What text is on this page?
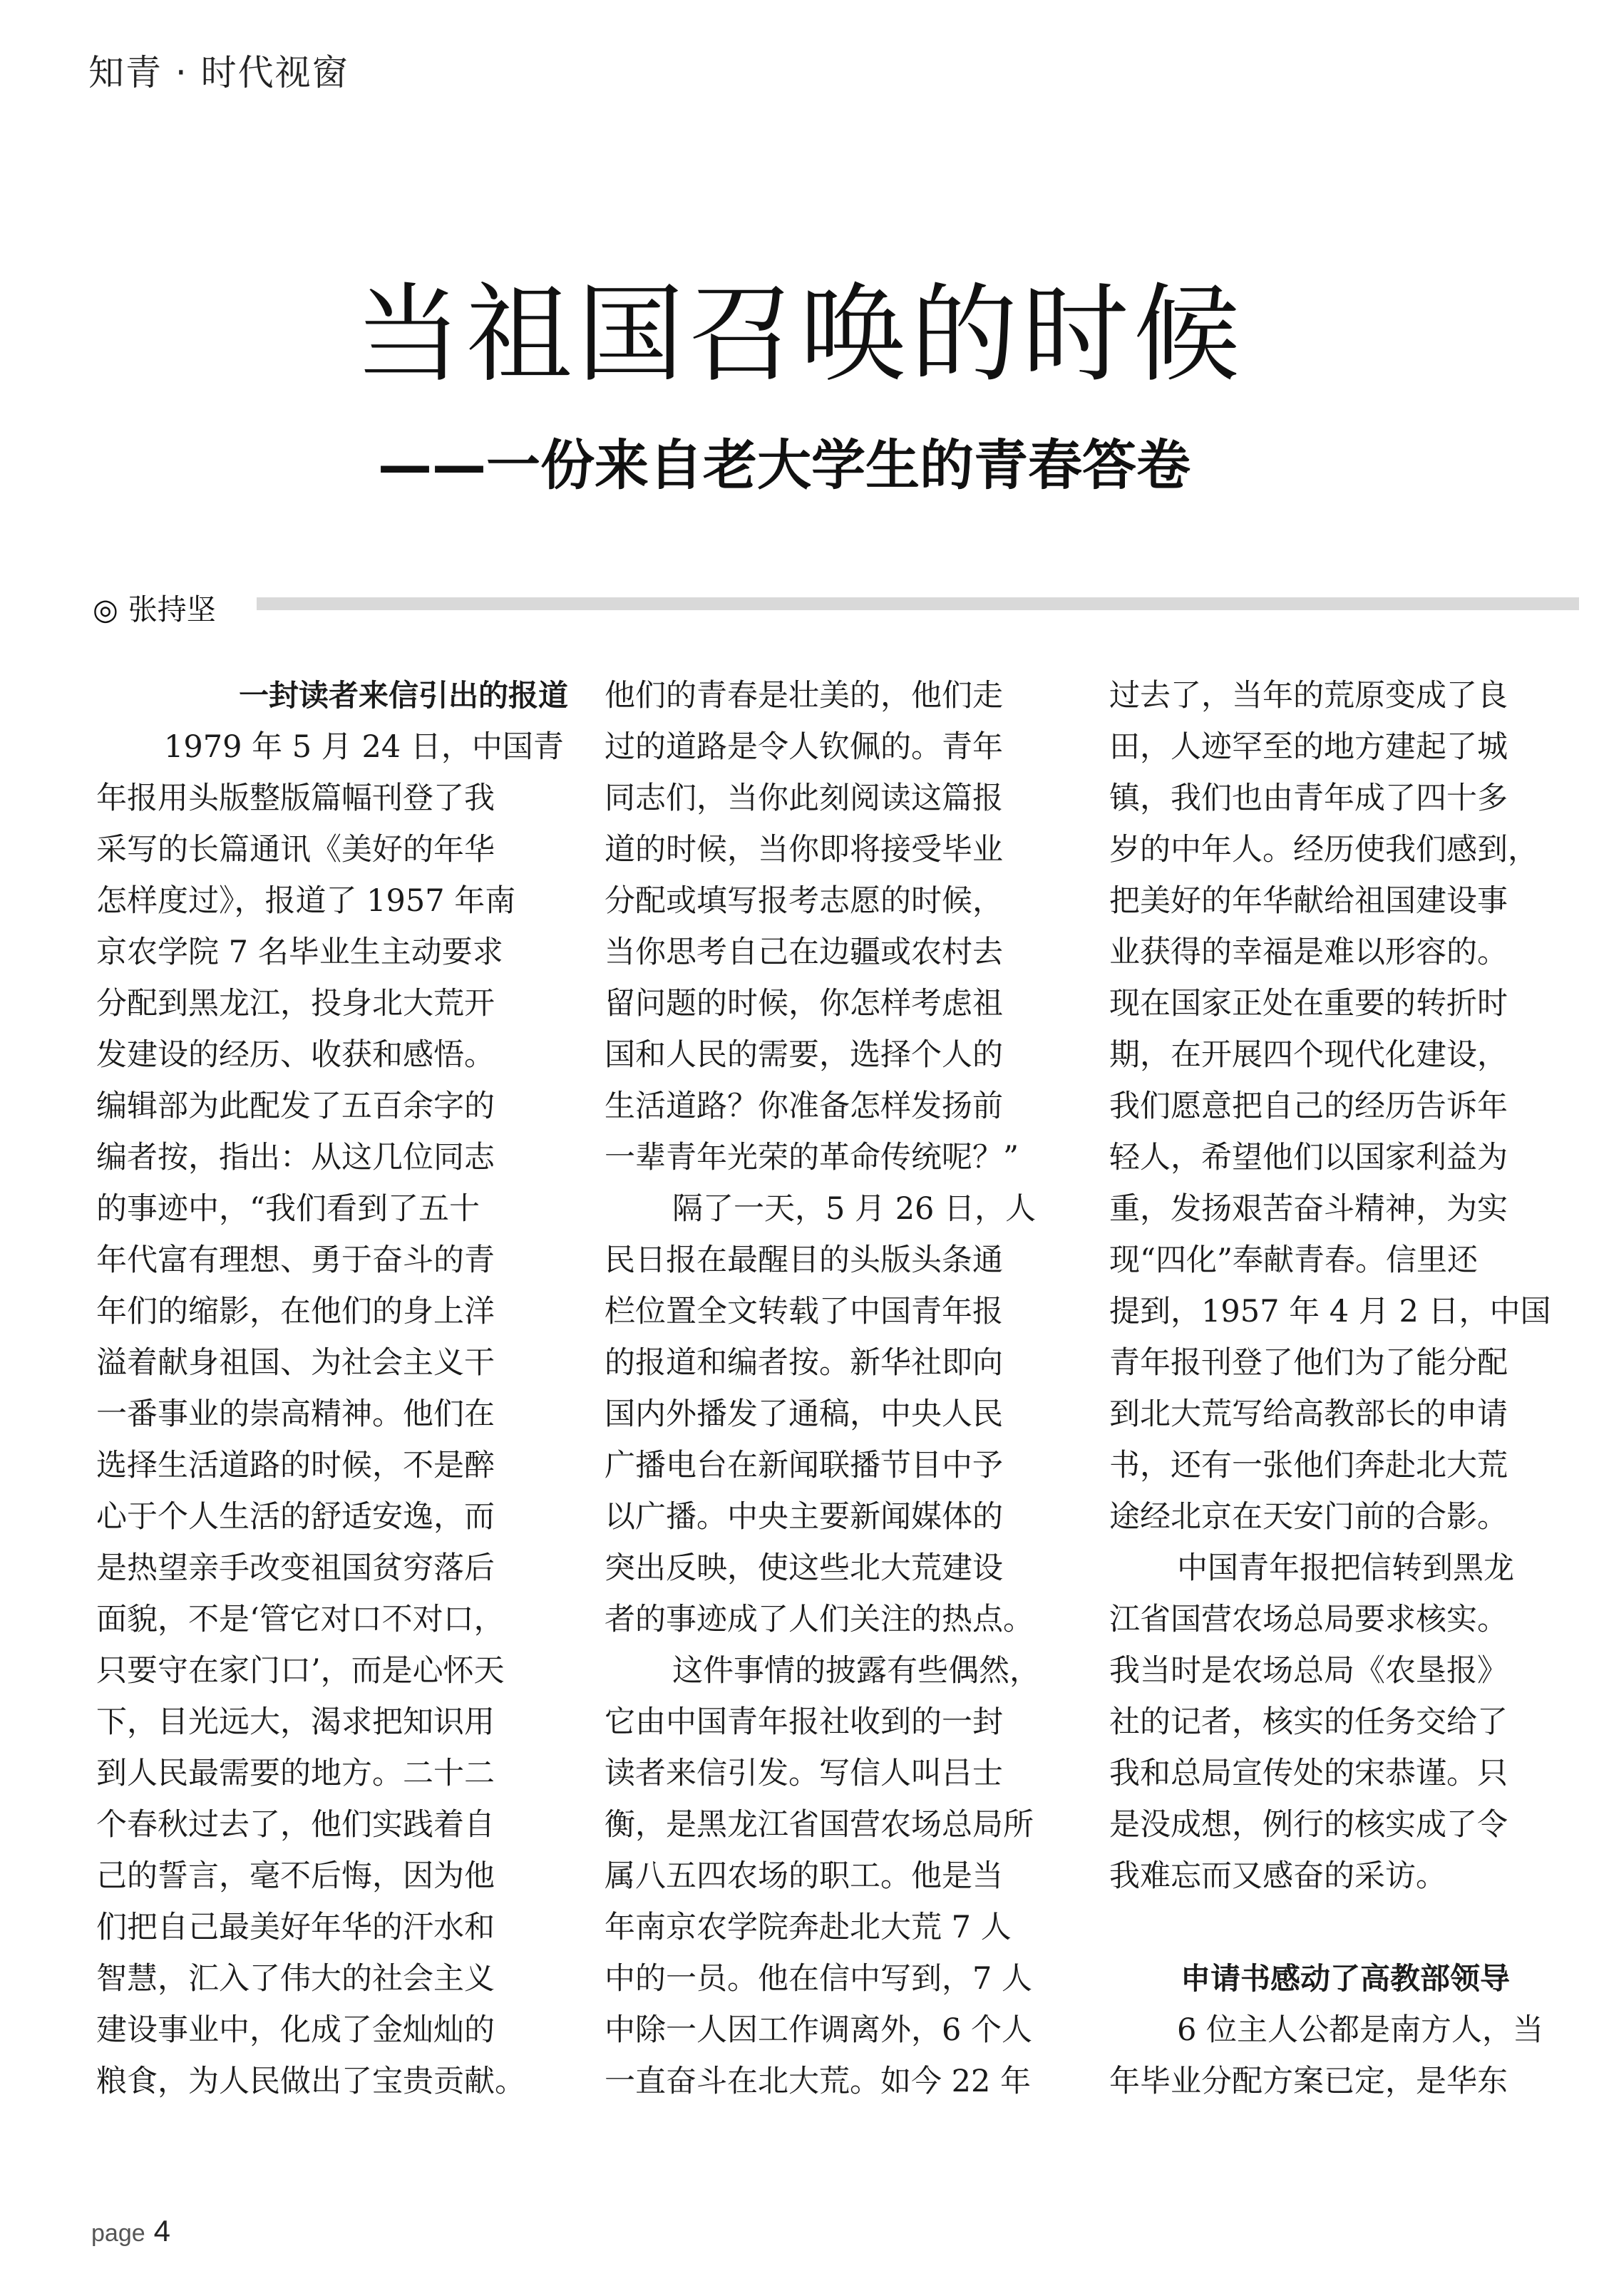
知青 · 时代视窗
当祖国召唤的时候
——一份来自老大学生的青春答卷
◎ 张持坚
一封读者来信引出的报道
1979 年 5 月 24 日，中国青
年报用头版整版篇幅刊登了我
采写的长篇通讯《美好的年华
怎样度过》，报道了 1957 年南
京农学院 7 名毕业生主动要求
分配到黑龙江，投身北大荒开
发建设的经历、收获和感悟。
编辑部为此配发了五百余字的
编者按，指出：从这几位同志
的事迹中，“我们看到了五十
年代富有理想、勇于奋斗的青
年们的缩影，在他们的身上洋
溢着献身祖国、为社会主义干
一番事业的崇高精神。他们在
选择生活道路的时候，不是醉
心于个人生活的舒适安逸，而
是热望亲手改变祖国贫穷落后
面貌，不是‘管它对口不对口，
只要守在家门口’，而是心怀天
下，目光远大，渴求把知识用
到人民最需要的地方。二十二
个春秋过去了，他们实践着自
己的誓言，毫不后悔，因为他
们把自己最美好年华的汗水和
智慧，汇入了伟大的社会主义
建设事业中，化成了金灿灿的
粮食，为人民做出了宝贵贡献。
他们的青春是壮美的，他们走
过的道路是令人钦佩的。青年
同志们，当你此刻阅读这篇报
道的时候，当你即将接受毕业
分配或填写报考志愿的时候，
当你思考自己在边疆或农村去
留问题的时候，你怎样考虑祖
国和人民的需要，选择个人的
生活道路？你准备怎样发扬前
一辈青年光荣的革命传统呢？”
隔了一天，5 月 26 日，人
民日报在最醒目的头版头条通
栏位置全文转载了中国青年报
的报道和编者按。新华社即向
国内外播发了通稿，中央人民
广播电台在新闻联播节目中予
以广播。中央主要新闻媒体的
突出反映，使这些北大荒建设
者的事迹成了人们关注的热点。
这件事情的披露有些偶然，
它由中国青年报社收到的一封
读者来信引发。写信人叫吕士
衡，是黑龙江省国营农场总局所
属八五四农场的职工。他是当
年南京农学院奔赴北大荒 7 人
中的一员。他在信中写到，7 人
中除一人因工作调离外，6 个人
一直奋斗在北大荒。如今 22 年
过去了，当年的荒原变成了良
田，人迹罕至的地方建起了城
镇，我们也由青年成了四十多
岁的中年人。经历使我们感到，
把美好的年华献给祖国建设事
业获得的幸福是难以形容的。
现在国家正处在重要的转折时
期，在开展四个现代化建设，
我们愿意把自己的经历告诉年
轻人，希望他们以国家利益为
重，发扬艰苦奋斗精神，为实
现“四化”奉献青春。信里还
提到，1957 年 4 月 2 日，中国
青年报刊登了他们为了能分配
到北大荒写给高教部长的申请
书，还有一张他们奔赴北大荒
途经北京在天安门前的合影。
中国青年报把信转到黑龙
江省国营农场总局要求核实。
我当时是农场总局《农垦报》
社的记者，核实的任务交给了
我和总局宣传处的宋恭谨。只
是没成想，例行的核实成了令
我难忘而又感奋的采访。
申请书感动了高教部领导
6 位主人公都是南方人，当
年毕业分配方案已定，是华东
page 4
